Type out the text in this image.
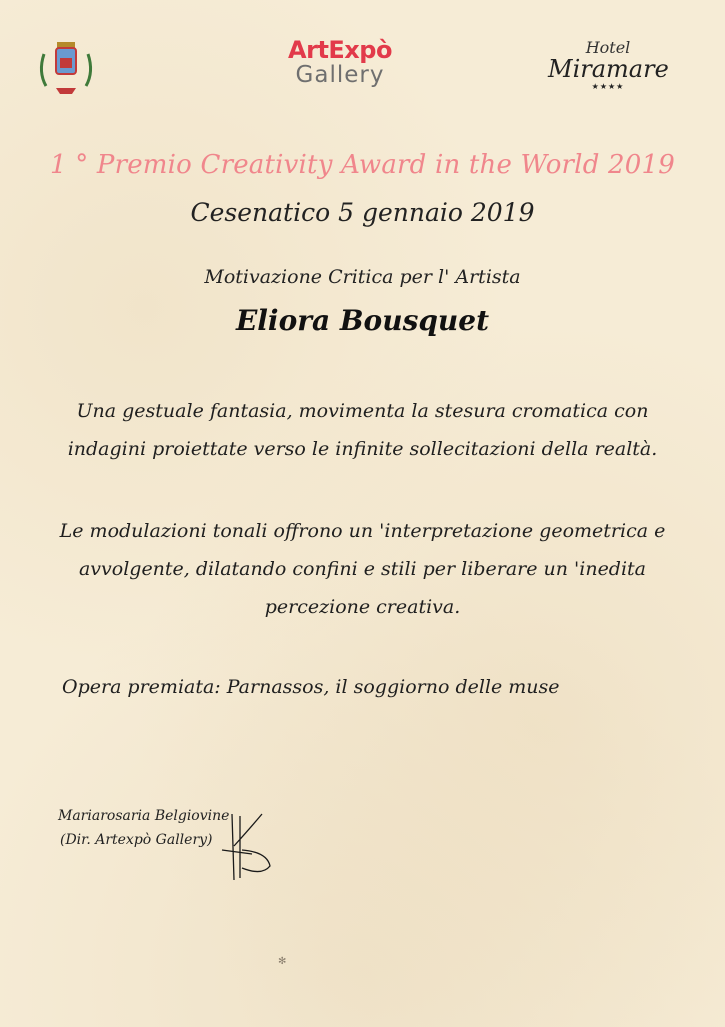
ArtExpò
Gallery
Hotel
Miramare
★★★★
1 ° Premio Creativity Award in the World 2019
Cesenatico 5 gennaio 2019
Motivazione Critica per l' Artista
Eliora Bousquet
Una gestuale fantasia, movimenta la stesura cromatica con
indagini proiettate verso le infinite sollecitazioni della realtà.
Le modulazioni tonali offrono un 'interpretazione geometrica e
avvolgente, dilatando confini e stili per liberare un 'inedita
percezione creativa.
Opera premiata: Parnassos, il soggiorno delle muse
Mariarosaria Belgiovine
(Dir. Artexpò Gallery)
✻
